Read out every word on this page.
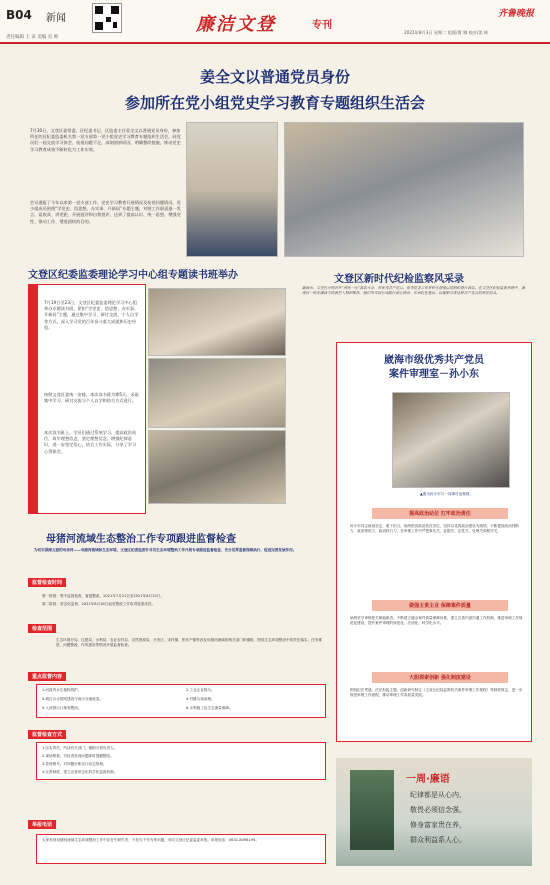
B04 新闻
责任编辑 王 寅 美编 史 帅
廉洁文登	专刊
齐鲁晚报
2021年8月3日 星期二 组版/曹 娜 校对/姜 林
姜全文以普通党员身份
参加所在党小组党史学习教育专题组织生活会
7月30日，文登区委常委、区纪委书记、区监委主任姜全文以普通党员身份，参加所在的区纪委监委机关第一党支部第一党小组党史学习教育专题组织生活会，同党员们一起交流学习体会，检视问题不足，深刻剖析原因，明确整改措施，推动党史学习教育成效不断转化为工作实效。
会议通报了今年以来第一党支部工作、党史学习教育开展情况及检视问题情况，党小组成员围绕“学党史、悟思想、办实事、开新局”专题主题，对照工作职责逐一发言，谈收获、讲差距、开展批评和自我批评，达到了提高认识、统一思想、增强党性、推动工作、增进团结的目的。
文登区纪委监委理论学习中心组专题读书班举办
7月19日至23日，文登区纪委监委理论学习中心组举办专题读书班，紧扣“学党史、悟思想、办实事、开新局”主题，通过集中学习、研讨交流、个人自学等方式，深入学习党的百年奋斗重大成就和历史经验。
按照文登区委统一安排，本次读书班为期5天，采取集中学习、研讨交流与个人自学相结合方式进行。
本次读书班上，学员们通过系统学习，提高政治站位，筑牢理想信念，坚定理想信念，增强纪律意识，进一步坚定信心，结合工作实际，分享了学习心得体会。
文登区新时代纪检监察风采录
崴海市、文登区分别召开“两优一先”表彰大会，对优秀共产党员、优秀党务工作者和先进基层党组织进行表彰。在文登区纪检监察系统中，涌现出一批充满活力的典型人物和集体，他们用实际行动践行初心使命，传承红色基因，以履职尽责诠释共产党员的责任担当。
崴海市级优秀共产党员
案件审理室－孙小东
▲图为孙小东与一同事讨论案情。
提高政治站位 扛牢政治责任
孙小东同志政治坚定，敢于担当，始终把讲政治放在首位，坚持以党的政治建设为统领，不断提高政治判断力、政治领悟力、政治执行力，在审理工作中严把事实关、证据关、定性关、处理关和程序关。
做强主责主业 保障案件质量
始终坚守审核把关职能职责，不断建立健全案件质量保障体系，建立完善内部沟通工作机制，推进审理工作规范化建设，提升案件审理的规范化、法治化、科学化水平。
大胆探索创新 强化制度建设
围绕纪法贯通、法法衔接主题，创新研究制定《文登区纪检监察机关案件审理工作规程》等制度规定，进一步规范审理工作流程，推动审理工作高质量发展。
母猪河流域生态整治工作专项跟进监督检查
为切实保障文登的母亲河——母猪河流域和生态环境，文登区纪委监委针对其生态环境整治工作开展专项跟进监督检查，充分发挥监督保障执行、促进完善发展作用。
监督检查时间
第一阶段：集中监督检查，督促整改，2021年7月21日至2021年8月15日。
第二阶段：常态化监督，2021年8月16日起至整改工作取得显著成效。
检查范围
生态环境分局、住建局、水利局、农业农村局、自然资源局、开发区、宋村镇、张家产镇等涉及母猪河流域的相关部门和镇街，围绕生态环境整治中的责任落实、任务推进、问题整改、作风建设等情况开展监督检查。
重点监督内容
1.河道内水生植物管护。	2.工业企业排污。
3.城区污水管网建设与雨污分流改造。	4.村镇污染治理。
5.入河排污口排查整治。	6.水利施工及生态流量保障。
监督检查方式
1.压实责任，约谈有关部门、镇街分管负责人。
2.现场察看，对检查发现问题即时提醒整改。
3.挂账销号，对问题台账实行动态管理。
4.完善制度，建立完善常态化科学化监督机制。
举报电话
大家发现母猪河流域生态环境整治工作中存在失职失责、不担当不作为等问题，可向文登区纪委监委举报。举报电话：0631-8498195。
一周·廉语
纪律都是从心内，
敬畏必须信念强。
修身富家贵在养，
群众利益系人心。
